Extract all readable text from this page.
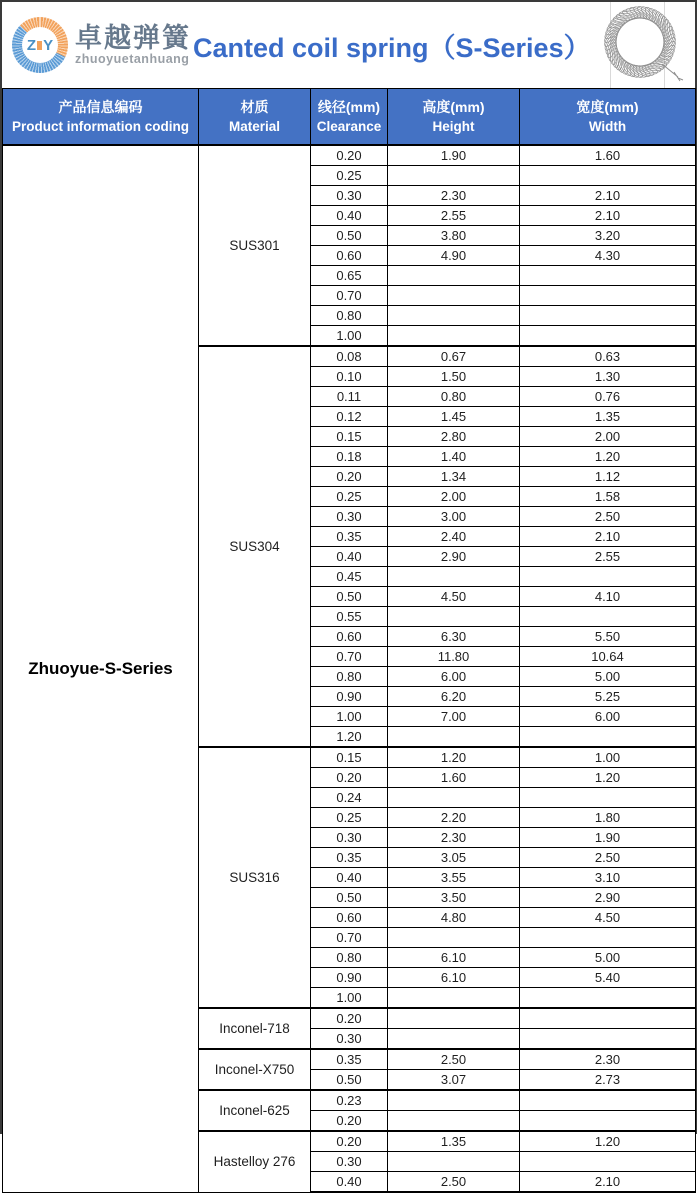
Z Y 卓越弹簧
zhuoyuetanhuang Canted coil spring（S-Series）
产品信息编码
Product information coding

材质
Material

线径(mm)
Clearance

高度(mm)
Height

宽度(mm)
Width

Zhuoyue-S-Series	SUS301	0.20	1.90	1.60
		0.25		
		0.30	2.30	2.10
		0.40	2.55	2.10
		0.50	3.80	3.20
		0.60	4.90	4.30
		0.65		
		0.70		
		0.80		
		1.00		
	SUS304	0.08	0.67	0.63
		0.10	1.50	1.30
		0.11	0.80	0.76
		0.12	1.45	1.35
		0.15	2.80	2.00
		0.18	1.40	1.20
		0.20	1.34	1.12
		0.25	2.00	1.58
		0.30	3.00	2.50
		0.35	2.40	2.10
		0.40	2.90	2.55
		0.45		
		0.50	4.50	4.10
		0.55		
		0.60	6.30	5.50
		0.70	11.80	10.64
		0.80	6.00	5.00
		0.90	6.20	5.25
		1.00	7.00	6.00
		1.20		
	SUS316	0.15	1.20	1.00
		0.20	1.60	1.20
		0.24		
		0.25	2.20	1.80
		0.30	2.30	1.90
		0.35	3.05	2.50
		0.40	3.55	3.10
		0.50	3.50	2.90
		0.60	4.80	4.50
		0.70		
		0.80	6.10	5.00
		0.90	6.10	5.40
		1.00		
	Inconel-718	0.20		
		0.30		
	Inconel-X750	0.35	2.50	2.30
		0.50	3.07	2.73
	Inconel-625	0.23		
		0.20		
	Hastelloy 276	0.20	1.35	1.20
		0.30		
		0.40	2.50	2.10
